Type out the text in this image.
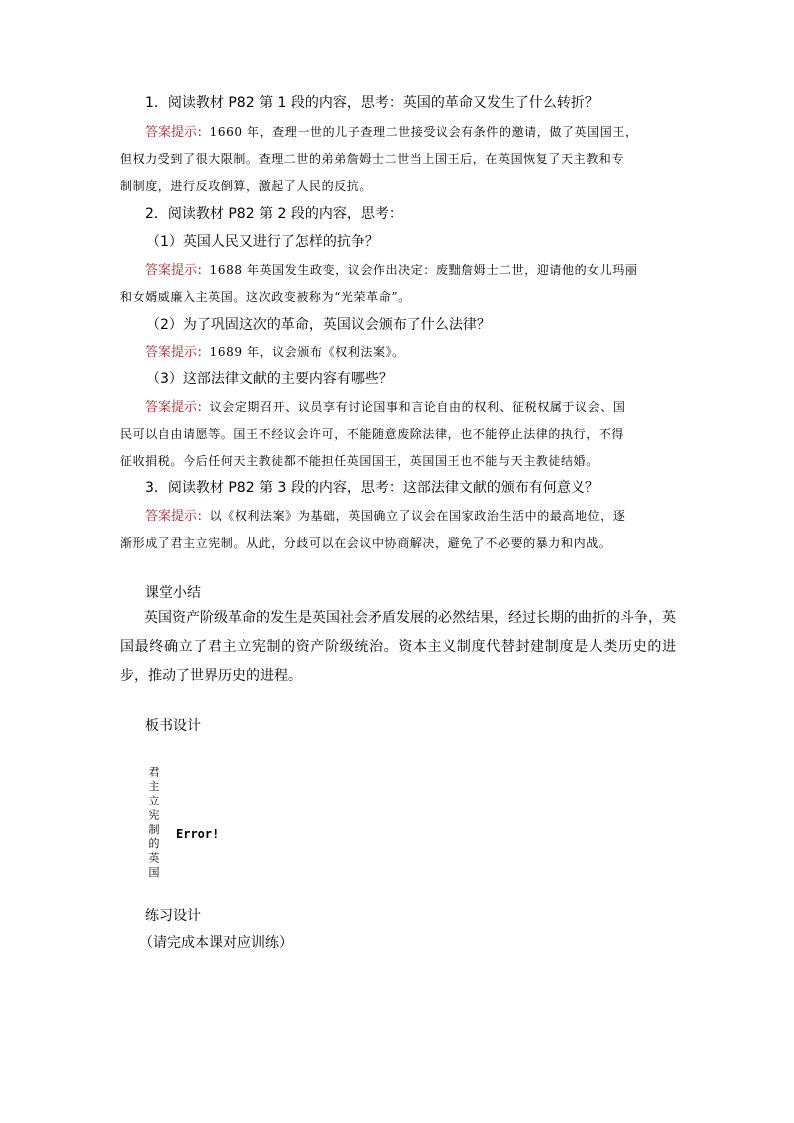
1．阅读教材 P82 第 1 段的内容，思考：英国的革命又发生了什么转折？
答案提示：1660 年，查理一世的儿子查理二世接受议会有条件的邀请，做了英国国王，
但权力受到了很大限制。查理二世的弟弟詹姆士二世当上国王后，在英国恢复了天主教和专
制制度，进行反攻倒算，激起了人民的反抗。
2．阅读教材 P82 第 2 段的内容，思考：
（1）英国人民又进行了怎样的抗争？
答案提示：1688 年英国发生政变，议会作出决定：废黜詹姆士二世，迎请他的女儿玛丽
和女婿威廉入主英国。这次政变被称为“光荣革命”。
（2）为了巩固这次的革命，英国议会颁布了什么法律？
答案提示：1689 年，议会颁布《权利法案》。
（3）这部法律文献的主要内容有哪些？
答案提示：议会定期召开、议员享有讨论国事和言论自由的权利、征税权属于议会、国
民可以自由请愿等。国王不经议会许可，不能随意废除法律，也不能停止法律的执行，不得
征收捐税。今后任何天主教徒都不能担任英国国王，英国国王也不能与天主教徒结婚。
3．阅读教材 P82 第 3 段的内容，思考：这部法律文献的颁布有何意义？
答案提示：以《权利法案》为基础，英国确立了议会在国家政治生活中的最高地位，逐
渐形成了君主立宪制。从此，分歧可以在会议中协商解决，避免了不必要的暴力和内战。
课堂小结
英国资产阶级革命的发生是英国社会矛盾发展的必然结果，经过长期的曲折的斗争，英国最终确立了君主立宪制的资产阶级统治。资本主义制度代替封建制度是人类历史的进步，推动了世界历史的进程。
板书设计
君主立宪制的英国 Error!
练习设计
（请完成本课对应训练）
